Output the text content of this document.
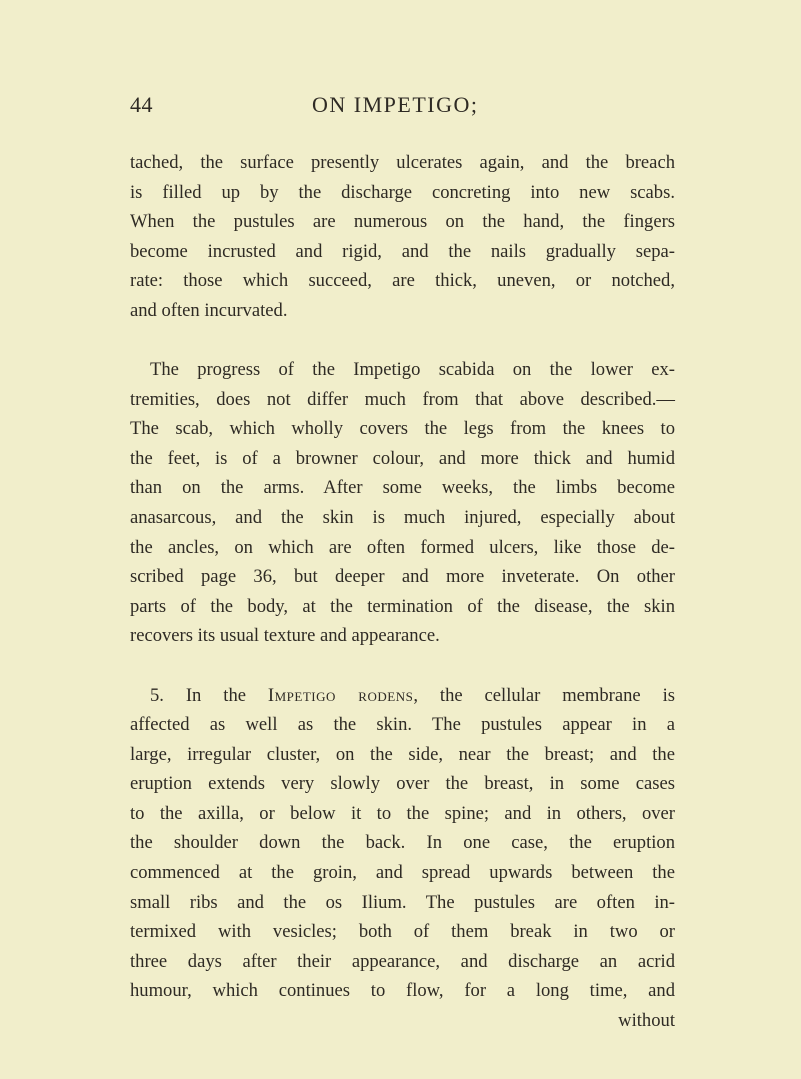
44	ON IMPETIGO;
tached, the surface presently ulcerates again, and the breach
is filled up by the discharge concreting into new scabs.
When the pustules are numerous on the hand, the fingers
become incrusted and rigid, and the nails gradually sepa-
rate: those which succeed, are thick, uneven, or notched,
and often incurvated.
The progress of the Impetigo scabida on the lower ex-
tremities, does not differ much from that above described.—
The scab, which wholly covers the legs from the knees to
the feet, is of a browner colour, and more thick and humid
than on the arms. After some weeks, the limbs become
anasarcous, and the skin is much injured, especially about
the ancles, on which are often formed ulcers, like those de-
scribed page 36, but deeper and more inveterate. On other
parts of the body, at the termination of the disease, the skin
recovers its usual texture and appearance.
5. In the Impetigo rodens, the cellular membrane is
affected as well as the skin. The pustules appear in a
large, irregular cluster, on the side, near the breast; and the
eruption extends very slowly over the breast, in some cases
to the axilla, or below it to the spine; and in others, over
the shoulder down the back. In one case, the eruption
commenced at the groin, and spread upwards between the
small ribs and the os Ilium. The pustules are often in-
termixed with vesicles; both of them break in two or
three days after their appearance, and discharge an acrid
humour, which continues to flow, for a long time, and
without
